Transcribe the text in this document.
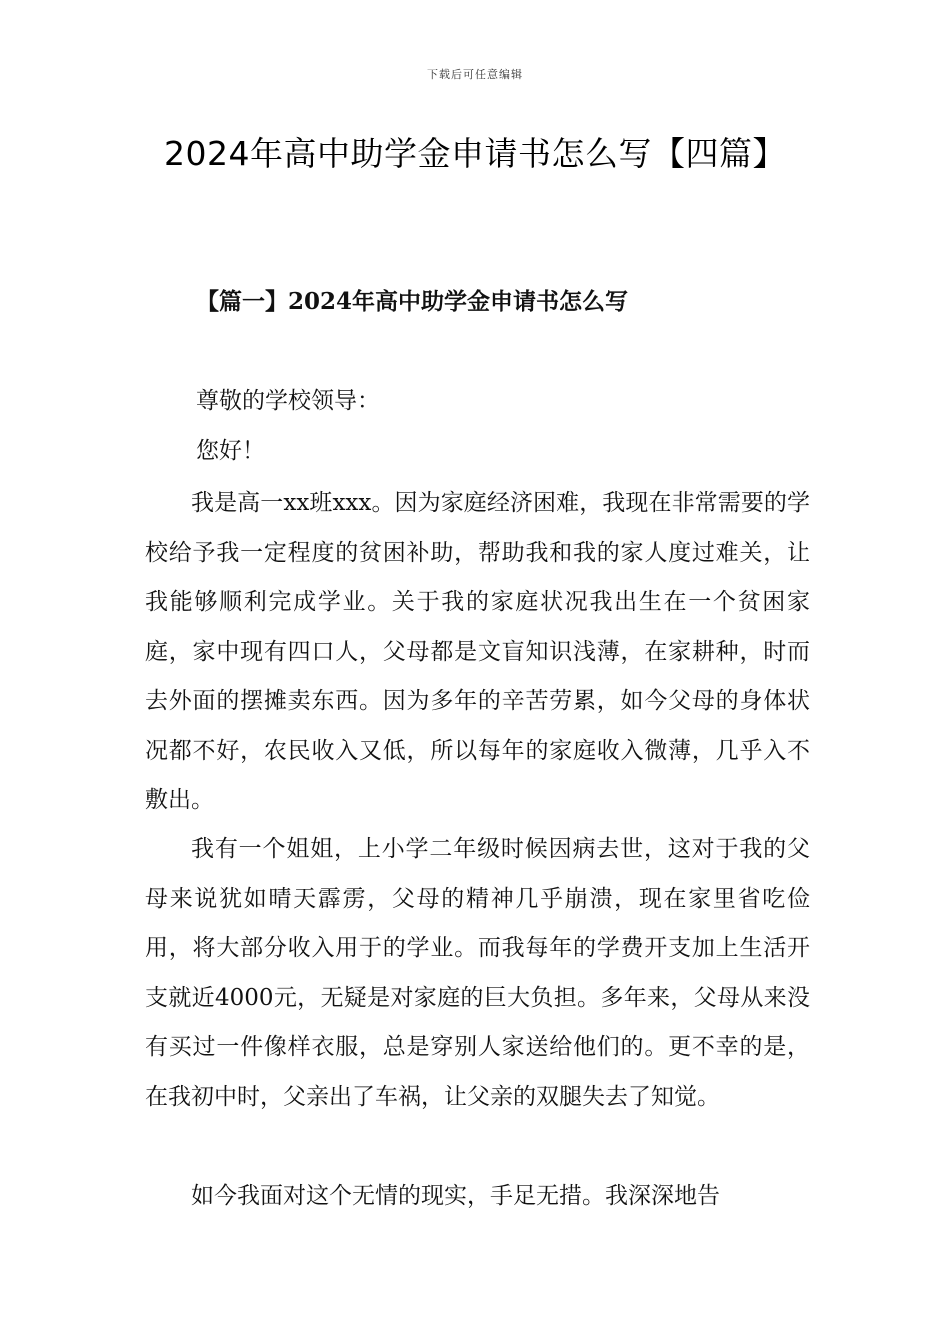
下载后可任意编辑
2024年高中助学金申请书怎么写【四篇】
【篇一】2024年高中助学金申请书怎么写

尊敬的学校领导：

您好！

我是高一xx班xxx。因为家庭经济困难，我现在非常需要的学校给予我一定程度的贫困补助，帮助我和我的家人度过难关，让我能够顺利完成学业。关于我的家庭状况我出生在一个贫困家庭，家中现有四口人，父母都是文盲知识浅薄，在家耕种，时而去外面的摆摊卖东西。因为多年的辛苦劳累，如今父母的身体状况都不好，农民收入又低，所以每年的家庭收入微薄，几乎入不敷出。

我有一个姐姐，上小学二年级时候因病去世，这对于我的父母来说犹如晴天霹雳，父母的精神几乎崩溃，现在家里省吃俭用，将大部分收入用于的学业。而我每年的学费开支加上生活开支就近4000元，无疑是对家庭的巨大负担。多年来，父母从来没有买过一件像样衣服，总是穿别人家送给他们的。更不幸的是，在我初中时，父亲出了车祸，让父亲的双腿失去了知觉。

如今我面对这个无情的现实，手足无措。我深深地告
